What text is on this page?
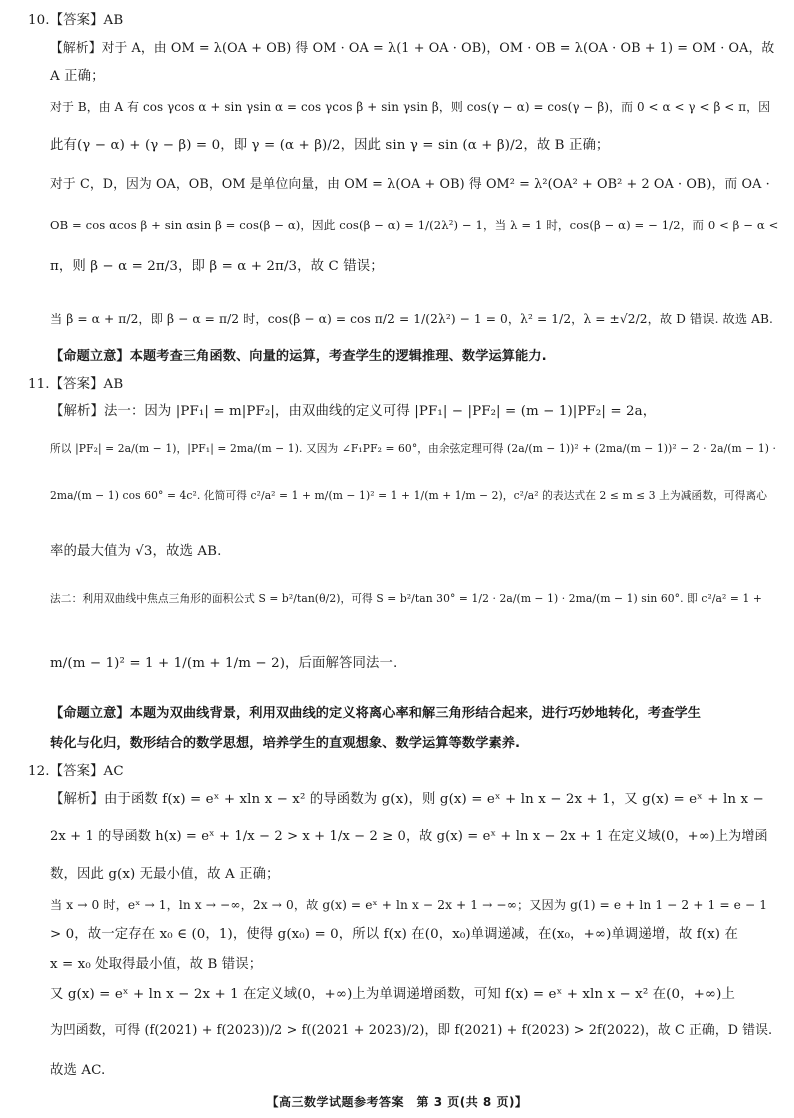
10.【答案】AB
【解析】对于 A，由 OM = λ(OA + OB) 得 OM · OA = λ(1 + OA · OB)，OM · OB = λ(OA · OB + 1) = OM · OA，故
A 正确；
对于 B，由 A 有 cos γcos α + sin γsin α = cos γcos β + sin γsin β，则 cos(γ − α) = cos(γ − β)，而 0 < α < γ < β < π，因
此有(γ − α) + (γ − β) = 0，即 γ = (α + β)/2，因此 sin γ = sin (α + β)/2，故 B 正确；
对于 C，D，因为 OA，OB，OM 是单位向量，由 OM = λ(OA + OB) 得 OM² = λ²(OA² + OB² + 2 OA · OB)，而 OA ·
OB = cos αcos β + sin αsin β = cos(β − α)，因此 cos(β − α) = 1/(2λ²) − 1，当 λ = 1 时，cos(β − α) = − 1/2，而 0 < β − α <
π，则 β − α = 2π/3，即 β = α + 2π/3，故 C 错误；
当 β = α + π/2，即 β − α = π/2 时，cos(β − α) = cos π/2 = 1/(2λ²) − 1 = 0，λ² = 1/2，λ = ±√2/2，故 D 错误. 故选 AB.
【命题立意】本题考查三角函数、向量的运算，考查学生的逻辑推理、数学运算能力.
11.【答案】AB
【解析】法一：因为 |PF₁| = m|PF₂|，由双曲线的定义可得 |PF₁| − |PF₂| = (m − 1)|PF₂| = 2a，
所以 |PF₂| = 2a/(m − 1)，|PF₁| = 2ma/(m − 1). 又因为 ∠F₁PF₂ = 60°，由余弦定理可得 (2a/(m − 1))² + (2ma/(m − 1))² − 2 · 2a/(m − 1) ·
2ma/(m − 1) cos 60° = 4c². 化简可得 c²/a² = 1 + m/(m − 1)² = 1 + 1/(m + 1/m − 2)，c²/a² 的表达式在 2 ≤ m ≤ 3 上为减函数，可得离心
率的最大值为 √3，故选 AB.
法二：利用双曲线中焦点三角形的面积公式 S = b²/tan(θ/2)，可得 S = b²/tan 30° = 1/2 · 2a/(m − 1) · 2ma/(m − 1) sin 60°. 即 c²/a² = 1 +
m/(m − 1)² = 1 + 1/(m + 1/m − 2)，后面解答同法一.
【命题立意】本题为双曲线背景，利用双曲线的定义将离心率和解三角形结合起来，进行巧妙地转化，考查学生
转化与化归，数形结合的数学思想，培养学生的直观想象、数学运算等数学素养.
12.【答案】AC
【解析】由于函数 f(x) = eˣ + xln x − x² 的导函数为 g(x)，则 g(x) = eˣ + ln x − 2x + 1，又 g(x) = eˣ + ln x −
2x + 1 的导函数 h(x) = eˣ + 1/x − 2 > x + 1/x − 2 ≥ 0，故 g(x) = eˣ + ln x − 2x + 1 在定义域(0，+∞)上为增函
数，因此 g(x) 无最小值，故 A 正确；
当 x → 0 时，eˣ → 1，ln x → −∞，2x → 0，故 g(x) = eˣ + ln x − 2x + 1 → −∞；又因为 g(1) = e + ln 1 − 2 + 1 = e − 1
> 0，故一定存在 x₀ ∈ (0，1)，使得 g(x₀) = 0，所以 f(x) 在(0，x₀)单调递减，在(x₀，+∞)单调递增，故 f(x) 在
x = x₀ 处取得最小值，故 B 错误；
又 g(x) = eˣ + ln x − 2x + 1 在定义域(0，+∞)上为单调递增函数，可知 f(x) = eˣ + xln x − x² 在(0，+∞)上
为凹函数，可得 (f(2021) + f(2023))/2 > f((2021 + 2023)/2)，即 f(2021) + f(2023) > 2f(2022)，故 C 正确，D 错误.
故选 AC.
【高三数学试题参考答案　第 3 页(共 8 页)】
